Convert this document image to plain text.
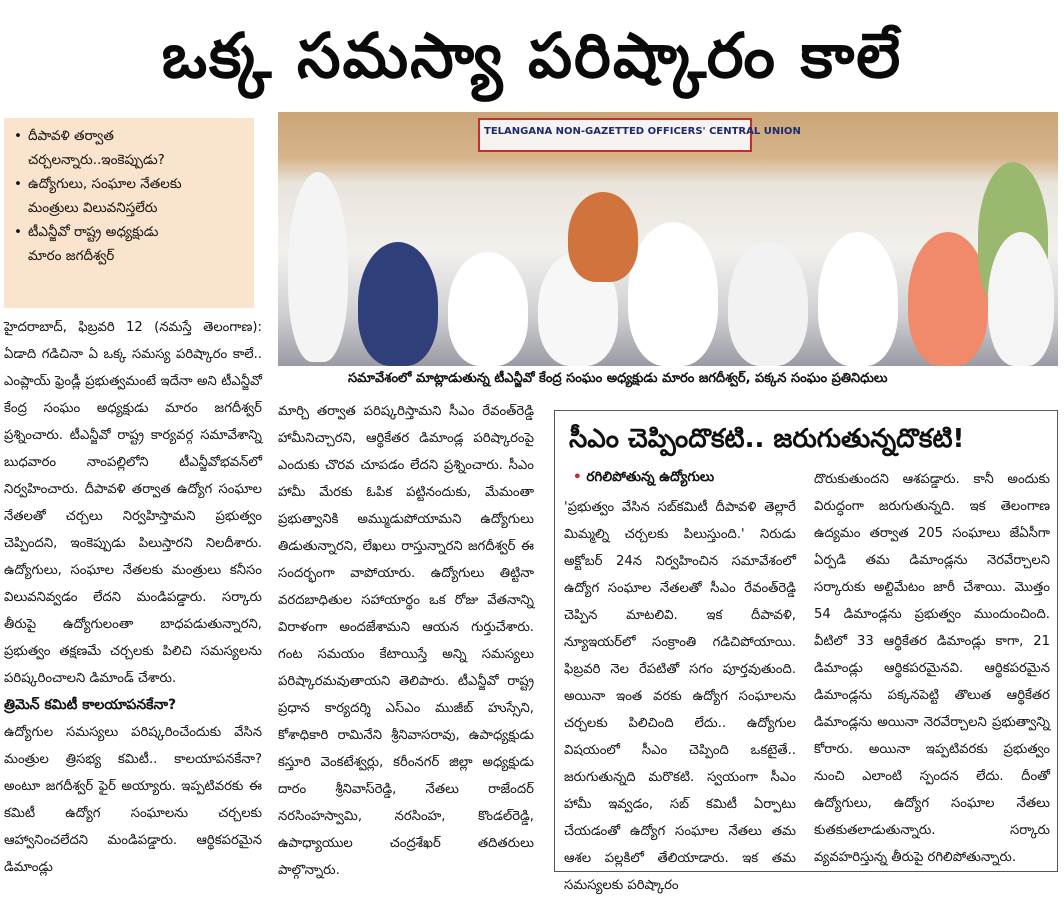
ఒక్క సమస్యా పరిష్కారం కాలే
• దీపావళి తర్వాత
చర్చలన్నారు..ఇంకెప్పుడు?
• ఉద్యోగులు, సంఘాల నేతలకు
మంత్రులు విలువనిస్తలేరు
• టీఎన్జీవో రాష్ట్ర అధ్యక్షుడు
మారం జగదీశ్వర్
TELANGANA NON-GAZETTED OFFICERS' CENTRAL UNION
సమావేశంలో మాట్లాడుతున్న టీఎన్జీవో కేంద్ర సంఘం అధ్యక్షుడు మారం జగదీశ్వర్, పక్కన సంఘం ప్రతినిధులు

హైదరాబాద్, ఫిబ్రవరి 12 (నమస్తే తెలంగాణ): ఏడాది గడిచినా ఏ ఒక్క సమస్య పరిష్కారం కాలే.. ఎంప్లాయ్ ఫ్రెండ్లీ ప్రభుత్వమంటే ఇదేనా అని టీఎన్జీవో కేంద్ర సంఘం అధ్యక్షుడు మారం జగదీశ్వర్ ప్రశ్నించారు. టీఎన్జీవో రాష్ట్ర కార్యవర్గ సమావేశాన్ని బుధవారం నాంపల్లిలోని టీఎన్జీవోభవన్‌లో నిర్వహించారు. దీపావళి తర్వాత ఉద్యోగ సంఘాల నేతలతో చర్చలు నిర్వహిస్తామని ప్రభుత్వం చెప్పిందని, ఇంకెప్పుడు పిలుస్తారని నిలదీశారు. ఉద్యోగులు, సంఘాల నేతలకు మంత్రులు కనీసం విలువనివ్వడం లేదని మండిపడ్డారు. సర్కారు తీరుపై ఉద్యోగులంతా బాధపడుతున్నారని, ప్రభుత్వం తక్షణమే చర్చలకు పిలిచి సమస్యలను పరిష్కరించాలని డిమాండ్ చేశారు.

త్రిమెన్ కమిటీ కాలయాపనకేనా?

ఉద్యోగుల సమస్యలు పరిష్కరించేందుకు వేసిన మంత్రుల త్రిసభ్య కమిటీ.. కాలయాపనకేనా? అంటూ జగదీశ్వర్ ఫైర్ అయ్యారు. ఇప్పటివరకు ఈ కమిటీ ఉద్యోగ సంఘాలను చర్చలకు ఆహ్వానించలేదని మండిపడ్డారు. ఆర్థికపరమైన డిమాండ్లు

మార్చి తర్వాత పరిష్కరిస్తామని సీఎం రేవంత్‌రెడ్డి హామీనిచ్చారని, ఆర్థికేతర డిమాండ్ల పరిష్కారంపై ఎందుకు చొరవ చూపడం లేదని ప్రశ్నించారు. సీఎం హామీ మేరకు ఓపిక పట్టినందుకు, మేమంతా ప్రభుత్వానికి అమ్ముడుపోయామని ఉద్యోగులు తిడుతున్నారని, లేఖలు రాస్తున్నారని జగదీశ్వర్ ఈ సందర్భంగా వాపోయారు. ఉద్యోగులు తిట్టినా వరదబాధితుల సహాయార్థం ఒక రోజు వేతనాన్ని విరాళంగా అందజేశామని ఆయన గుర్తుచేశారు. గంట సమయం కేటాయిస్తే అన్ని సమస్యలు పరిష్కారమవుతాయని తెలిపారు. టీఎన్జీవో రాష్ట్ర ప్రధాన కార్యదర్శి ఎస్ఎం ముజీబ్ హుస్సేని, కోశాధికారి రామినేని శ్రీనివాసరావు, ఉపాధ్యక్షుడు కస్తూరి వెంకటేశ్వర్లు, కరీంనగర్ జిల్లా అధ్యక్షుడు దారం శ్రీనివాస్‌రెడ్డి, నేతలు రాజేందర్ నరసింహస్వామి, నరసింహ, కొండల్‌రెడ్డి, ఉపాధ్యాయుల చంద్రశేఖర్ తదితరులు పాల్గొన్నారు.

సీఎం చెప్పిందొకటి.. జరుగుతున్నదొకటి!
• రగిలిపోతున్న ఉద్యోగులు

'ప్రభుత్వం వేసిన సబ్‌కమిటీ దీపావళి తెల్లారే మిమ్మల్ని చర్చలకు పిలుస్తుంది.' నిరుడు అక్టోబర్ 24న నిర్వహించిన సమావేశంలో ఉద్యోగ సంఘాల నేతలతో సీఎం రేవంత్‌రెడ్డి చెప్పిన మాటలివి. ఇక దీపావళి, న్యూఇయర్‌లో సంక్రాంతి గడిచిపోయాయి. ఫిబ్రవరి నెల రేపటితో సగం పూర్తవుతుంది. అయినా ఇంత వరకు ఉద్యోగ సంఘాలను చర్చలకు పిలిచింది లేదు.. ఉద్యోగుల విషయంలో సీఎం చెప్పింది ఒకటైతే.. జరుగుతున్నది మరొకటి. స్వయంగా సీఎం హామీ ఇవ్వడం, సబ్ కమిటీ ఏర్పాటు చేయడంతో ఉద్యోగ సంఘాల నేతలు తమ ఆశల పల్లకిలో తేలియాడారు. ఇక తమ సమస్యలకు పరిష్కారం

దొరుకుతుందని ఆశపడ్డారు. కానీ అందుకు విరుద్ధంగా జరుగుతున్నది. ఇక తెలంగాణ ఉద్యమం తర్వాత 205 సంఘాలు జేఏసీగా ఏర్పడి తమ డిమాండ్లను నెరవేర్చాలని సర్కారుకు అల్టిమేటం జారీ చేశాయి. మొత్తం 54 డిమాండ్లను ప్రభుత్వం ముందుంచింది. వీటిలో 33 ఆర్థికేతర డిమాండ్లు కాగా, 21 డిమాండ్లు ఆర్థికపరమైనవి. ఆర్థికపరమైన డిమాండ్లను పక్కనపెట్టి తొలుత ఆర్థికేతర డిమాండ్లను అయినా నెరవేర్చాలని ప్రభుత్వాన్ని కోరారు. అయినా ఇప్పటివరకు ప్రభుత్వం నుంచి ఎలాంటి స్పందన లేదు. దీంతో ఉద్యోగులు, ఉద్యోగ సంఘాల నేతలు కుతకుతలాడుతున్నారు. సర్కారు వ్యవహరిస్తున్న తీరుపై రగిలిపోతున్నారు.
